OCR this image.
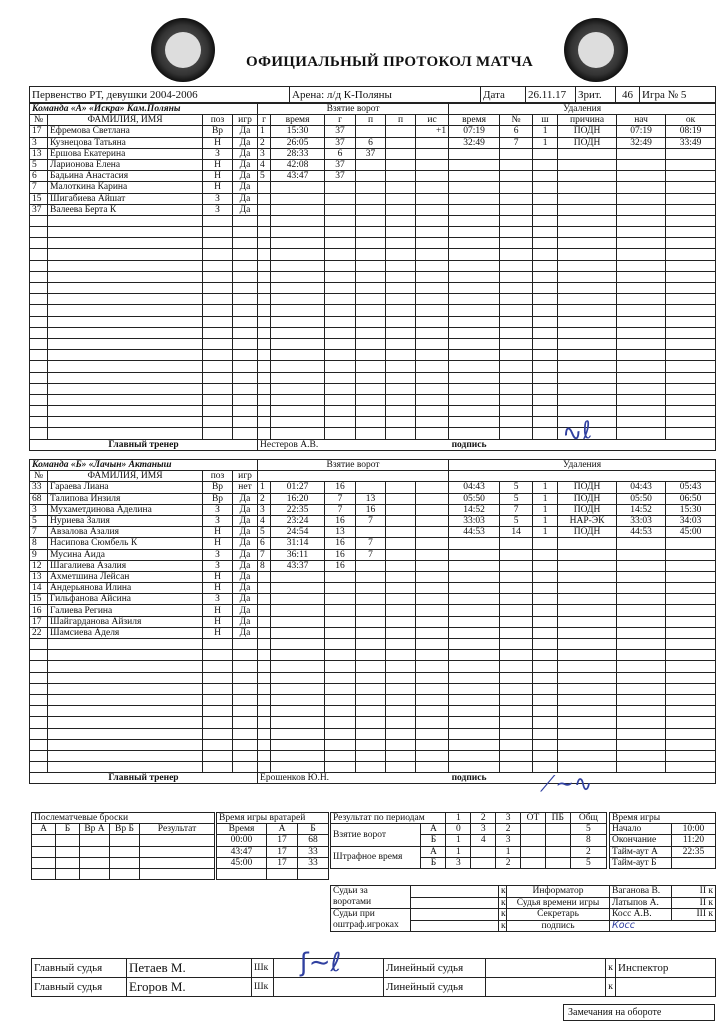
ОФИЦИАЛЬНЫЙ ПРОТОКОЛ МАТЧА
Первенство РТ, девушки 2004-2006	Арена: л/д К-Поляны	Дата	26.11.17	Зрит.	46	Игра № 5
Команда «А» «Искра» Кам.Поляны				Взятие ворот						Удаления					
№	ФАМИЛИЯ, ИМЯ	поз	игр	г	время	г	п	п	ис	время	№	ш	причина	нач	ок
17	Ефремова Светлана	Вр	Да	1	15:30	37			+1	07:19	6	1	ПОДН	07:19	08:19
3	Кузнецова Татьяна	Н	Да	2	26:05	37	6			32:49	7	1	ПОДН	32:49	33:49
13	Ершова Екатерина	З	Да	3	28:33	6	37								
5	Ларионова Елена	Н	Да	4	42:08	37									
6	Бадьина Анастасия	Н	Да	5	43:47	37									
7	Малоткина Карина	Н	Да												
15	Шигабиева Айшат	З	Да												
37	Валеева Берта К	З	Да												

Главный тренер				Нестеров А.В.							подпись					∿ℓ
Команда «Б» «Лачын» Актаныш				Взятие ворот						Удаления					
№	ФАМИЛИЯ, ИМЯ	поз	игр												
33	Гараева Лиана	Вр	нет	1	01:27	16				04:43	5	1	ПОДН	04:43	05:43
68	Талипова Инзиля	Вр	Да	2	16:20	7	13			05:50	5	1	ПОДН	05:50	06:50
3	Мухаметдинова Аделина	З	Да	3	22:35	7	16			14:52	7	1	ПОДН	14:52	15:30
5	Нуриева Залия	З	Да	4	23:24	16	7			33:03	5	1	НАР-ЭК	33:03	34:03
7	Авзалова Азалия	Н	Да	5	24:54	13				44:53	14	1	ПОДН	44:53	45:00
8	Насипова Сюмбель К	Н	Да	6	31:14	16	7								
9	Мусина Аида	З	Да	7	36:11	16	7								
12	Шагалиева Азалия	З	Да	8	43:37	16									
13	Ахметшина Лейсан	Н	Да												
14	Андерьянова Илина	Н	Да												
15	Гильфанова Айсина	З	Да												
16	Галиева Регина	Н	Да												
17	Шайгарданова Айзиля	Н	Да												
22	Шамсиева Аделя	Н	Да												

Главный тренер				Ерошенков Ю.Н.							подпись				⟋∼∿
Послематчевые броски				
А	Б	Вр А	Вр Б	Результат

Время игры вратарей		
Время	А	Б
00:00	17	68
43:47	17	33
45:00	17	33

Результат по периодам		1	2	3	ОТ	ПБ	Общ
Взятие ворот	А	0	3	2			5
	Б	1	4	3			8
Штрафное время	А	1		1			2
	Б	3		2			5
Время игры	
Начало	10:00
Окончание	11:20
Тайм-аут А	22:35
Тайм-аут Б	
Судьи за воротами		к	Информатор	Ваганова В.	II к
		к	Судья времени игры	Латыпов А.	II к
Судьи при оштраф.игроках		к	Секретарь	Косс А.В.	III к
		к	подпись	Косс	
Главный судья	Петаев М.	Шк		Линейный судья		к	Инспектор
Главный судья	Егоров М.	Шк		Линейный судья		к	
ʃ∼ℓ
Замечания на обороте
